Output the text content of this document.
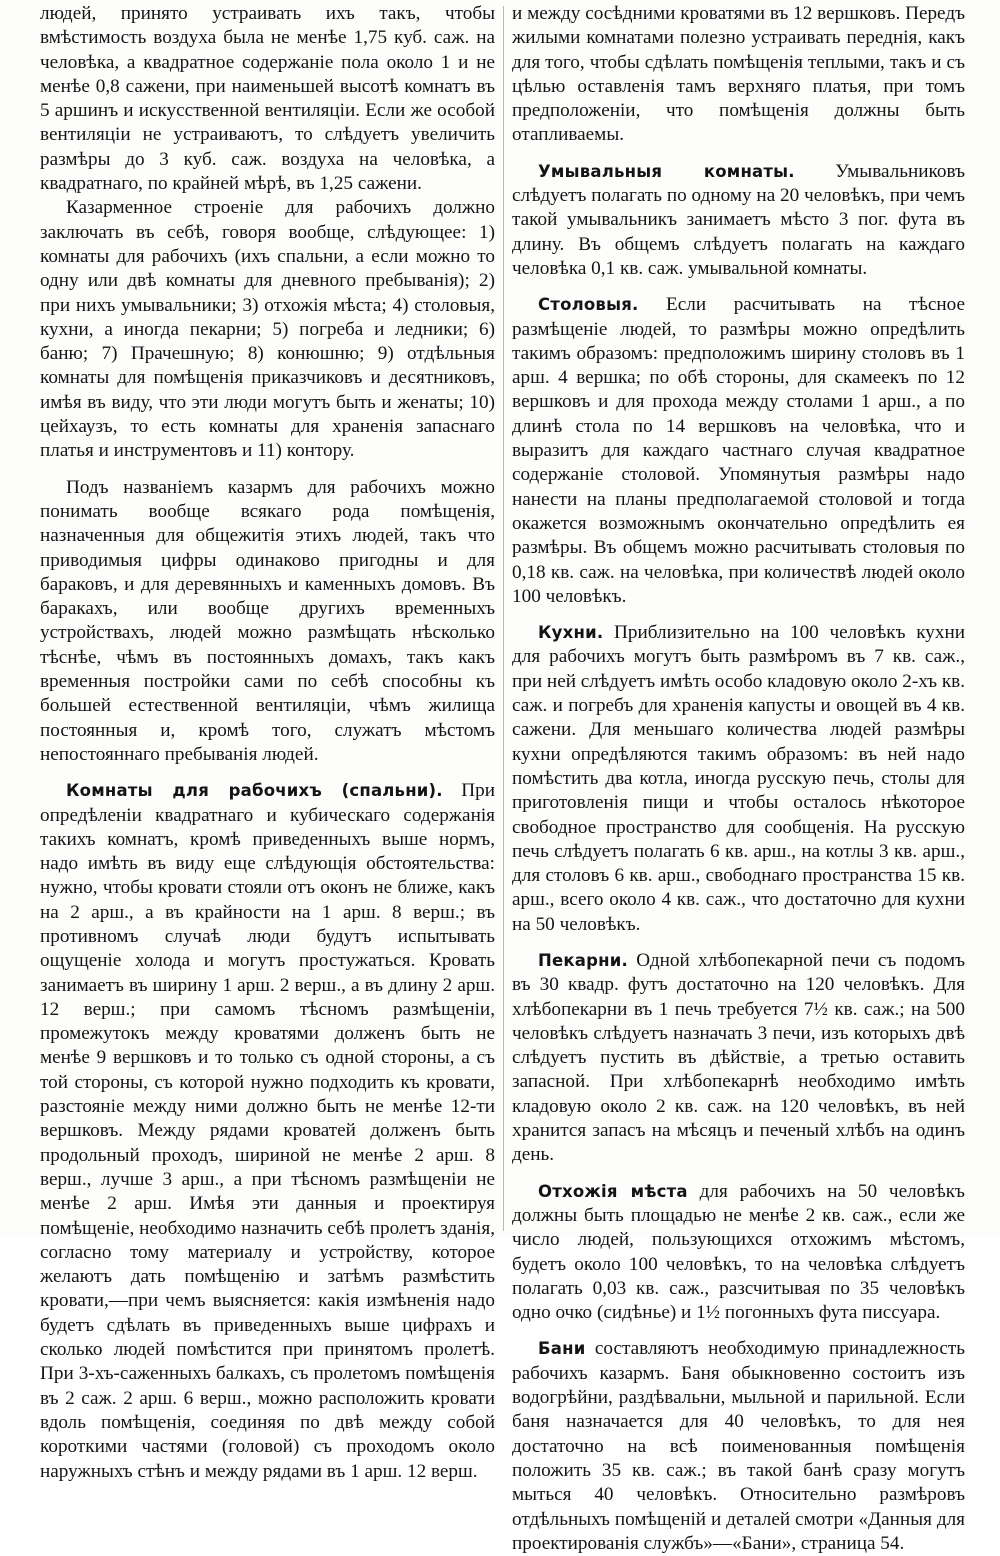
людей, принято устраивать ихъ такъ, чтобы вмѣстимость воздуха была не менѣе 1,75 куб. саж. на человѣка, а квадратное содержаніе пола около 1 и не менѣе 0,8 сажени, при наименьшей высотѣ комнатъ въ 5 аршинъ и искусственной вентиляціи. Если же особой вентиляціи не устраиваютъ, то слѣдуетъ увеличить размѣры до 3 куб. саж. воздуха на человѣка, а квадратнаго, по крайней мѣрѣ, въ 1,25 сажени.

Казарменное строеніе для рабочихъ должно заключать въ себѣ, говоря вообще, слѣдующее: 1) комнаты для рабочихъ (ихъ спальни, а если можно то одну или двѣ комнаты для дневного пребыванія); 2) при нихъ умывальники; 3) отхожія мѣста; 4) столовыя, кухни, а иногда пекарни; 5) погреба и ледники; 6) баню; 7) Прачешную; 8) конюшню; 9) отдѣльныя комнаты для помѣщенія приказчиковъ и десятниковъ, имѣя въ виду, что эти люди могутъ быть и женаты; 10) цейхаузъ, то есть комнаты для храненія запаснаго платья и инструментовъ и 11) контору.

Подъ названіемъ казармъ для рабочихъ можно понимать вообще всякаго рода помѣщенія, назначенныя для общежитія этихъ людей, такъ что приводимыя цифры одинаково пригодны и для бараковъ, и для деревянныхъ и каменныхъ домовъ. Въ баракахъ, или вообще другихъ временныхъ устройствахъ, людей можно размѣщать нѣсколько тѣснѣе, чѣмъ въ постоянныхъ домахъ, такъ какъ временныя постройки сами по себѣ способны къ большей естественной вентиляціи, чѣмъ жилища постоянныя и, кромѣ того, служатъ мѣстомъ непостояннаго пребыванія людей.

Комнаты для рабочихъ (спальни). При опредѣленіи квадратнаго и кубическаго содержанія такихъ комнатъ, кромѣ приведенныхъ выше нормъ, надо имѣть въ виду еще слѣдующія обстоятельства: нужно, чтобы кровати стояли отъ оконъ не ближе, какъ на 2 арш., а въ крайности на 1 арш. 8 верш.; въ противномъ случаѣ люди будутъ испытывать ощущеніе холода и могутъ простужаться. Кровать занимаетъ въ ширину 1 арш. 2 верш., а въ длину 2 арш. 12 верш.; при самомъ тѣсномъ размѣщеніи, промежутокъ между кроватями долженъ быть не менѣе 9 вершковъ и то только съ одной стороны, а съ той стороны, съ которой нужно подходить къ кровати, разстояніе между ними должно быть не менѣе 12-ти вершковъ. Между рядами кроватей долженъ быть продольный проходъ, шириной не менѣе 2 арш. 8 верш., лучше 3 арш., а при тѣсномъ размѣщеніи не менѣе 2 арш. Имѣя эти данныя и проектируя помѣщеніе, необходимо назначить себѣ пролетъ зданія, согласно тому материалу и устройству, которое желаютъ дать помѣщенію и затѣмъ размѣстить кровати,—при чемъ выясняется: какія измѣненія надо будетъ сдѣлать въ приведенныхъ выше цифрахъ и сколько людей помѣстится при принятомъ пролетѣ. При 3-хъ-саженныхъ балкахъ, съ пролетомъ помѣщенія въ 2 саж. 2 арш. 6 верш., можно расположить кровати вдоль помѣщенія, соединяя по двѣ между собой короткими частями (головой) съ проходомъ около наружныхъ стѣнъ и между рядами въ 1 арш. 12 верш.

и между сосѣдними кроватями въ 12 вершковъ. Передъ жилыми комнатами полезно устраивать переднія, какъ для того, чтобы сдѣлать помѣщенія теплыми, такъ и съ цѣлью оставленія тамъ верхняго платья, при томъ предположеніи, что помѣщенія должны быть отапливаемы.

Умывальныя комнаты. Умывальниковъ слѣдуетъ полагать по одному на 20 человѣкъ, при чемъ такой умывальникъ занимаетъ мѣсто 3 пог. фута въ длину. Въ общемъ слѣдуетъ полагать на каждаго человѣка 0,1 кв. саж. умывальной комнаты.

Столовыя. Если расчитывать на тѣсное размѣщеніе людей, то размѣры можно опредѣлить такимъ образомъ: предположимъ ширину столовъ въ 1 арш. 4 вершка; по обѣ стороны, для скамеекъ по 12 вершковъ и для прохода между столами 1 арш., а по длинѣ стола по 14 вершковъ на человѣка, что и выразитъ для каждаго частнаго случая квадратное содержаніе столовой. Упомянутыя размѣры надо нанести на планы предполагаемой столовой и тогда окажется возможнымъ окончательно опредѣлить ея размѣры. Въ общемъ можно расчитывать столовыя по 0,18 кв. саж. на человѣка, при количествѣ людей около 100 человѣкъ.

Кухни. Приблизительно на 100 человѣкъ кухни для рабочихъ могутъ быть размѣромъ въ 7 кв. саж., при ней слѣдуетъ имѣть особо кладовую около 2-хъ кв. саж. и погребъ для храненія капусты и овощей въ 4 кв. сажени. Для меньшаго количества людей размѣры кухни опредѣляются такимъ образомъ: въ ней надо помѣстить два котла, иногда русскую печь, столы для приготовленія пищи и чтобы осталось нѣкоторое свободное пространство для сообщенія. На русскую печь слѣдуетъ полагать 6 кв. арш., на котлы 3 кв. арш., для столовъ 6 кв. арш., свободнаго пространства 15 кв. арш., всего около 4 кв. саж., что достаточно для кухни на 50 человѣкъ.

Пекарни. Одной хлѣбопекарной печи съ подомъ въ 30 квадр. футъ достаточно на 120 человѣкъ. Для хлѣбопекарни въ 1 печь требуется 7½ кв. саж.; на 500 человѣкъ слѣдуетъ назначать 3 печи, изъ которыхъ двѣ слѣдуетъ пустить въ дѣйствіе, а третью оставить запасной. При хлѣбопекарнѣ необходимо имѣть кладовую около 2 кв. саж. на 120 человѣкъ, въ ней хранится запасъ на мѣсяцъ и печеный хлѣбъ на одинъ день.

Отхожія мѣста для рабочихъ на 50 человѣкъ должны быть площадью не менѣе 2 кв. саж., если же число людей, пользующихся отхожимъ мѣстомъ, будетъ около 100 человѣкъ, то на человѣка слѣдуетъ полагать 0,03 кв. саж., разсчитывая по 35 человѣкъ одно очко (сидѣнье) и 1½ погонныхъ фута писсуара.

Бани составляютъ необходимую принадлежность рабочихъ казармъ. Баня обыкновенно состоитъ изъ водогрѣйни, раздѣвальни, мыльной и парильной. Если баня назначается для 40 человѣкъ, то для нея достаточно на всѣ поименованныя помѣщенія положить 35 кв. саж.; въ такой банѣ сразу могутъ мыться 40 человѣкъ. Относительно размѣровъ отдѣльныхъ помѣщеній и деталей смотри «Данныя для проектированія службъ»—«Бани», страница 54.
